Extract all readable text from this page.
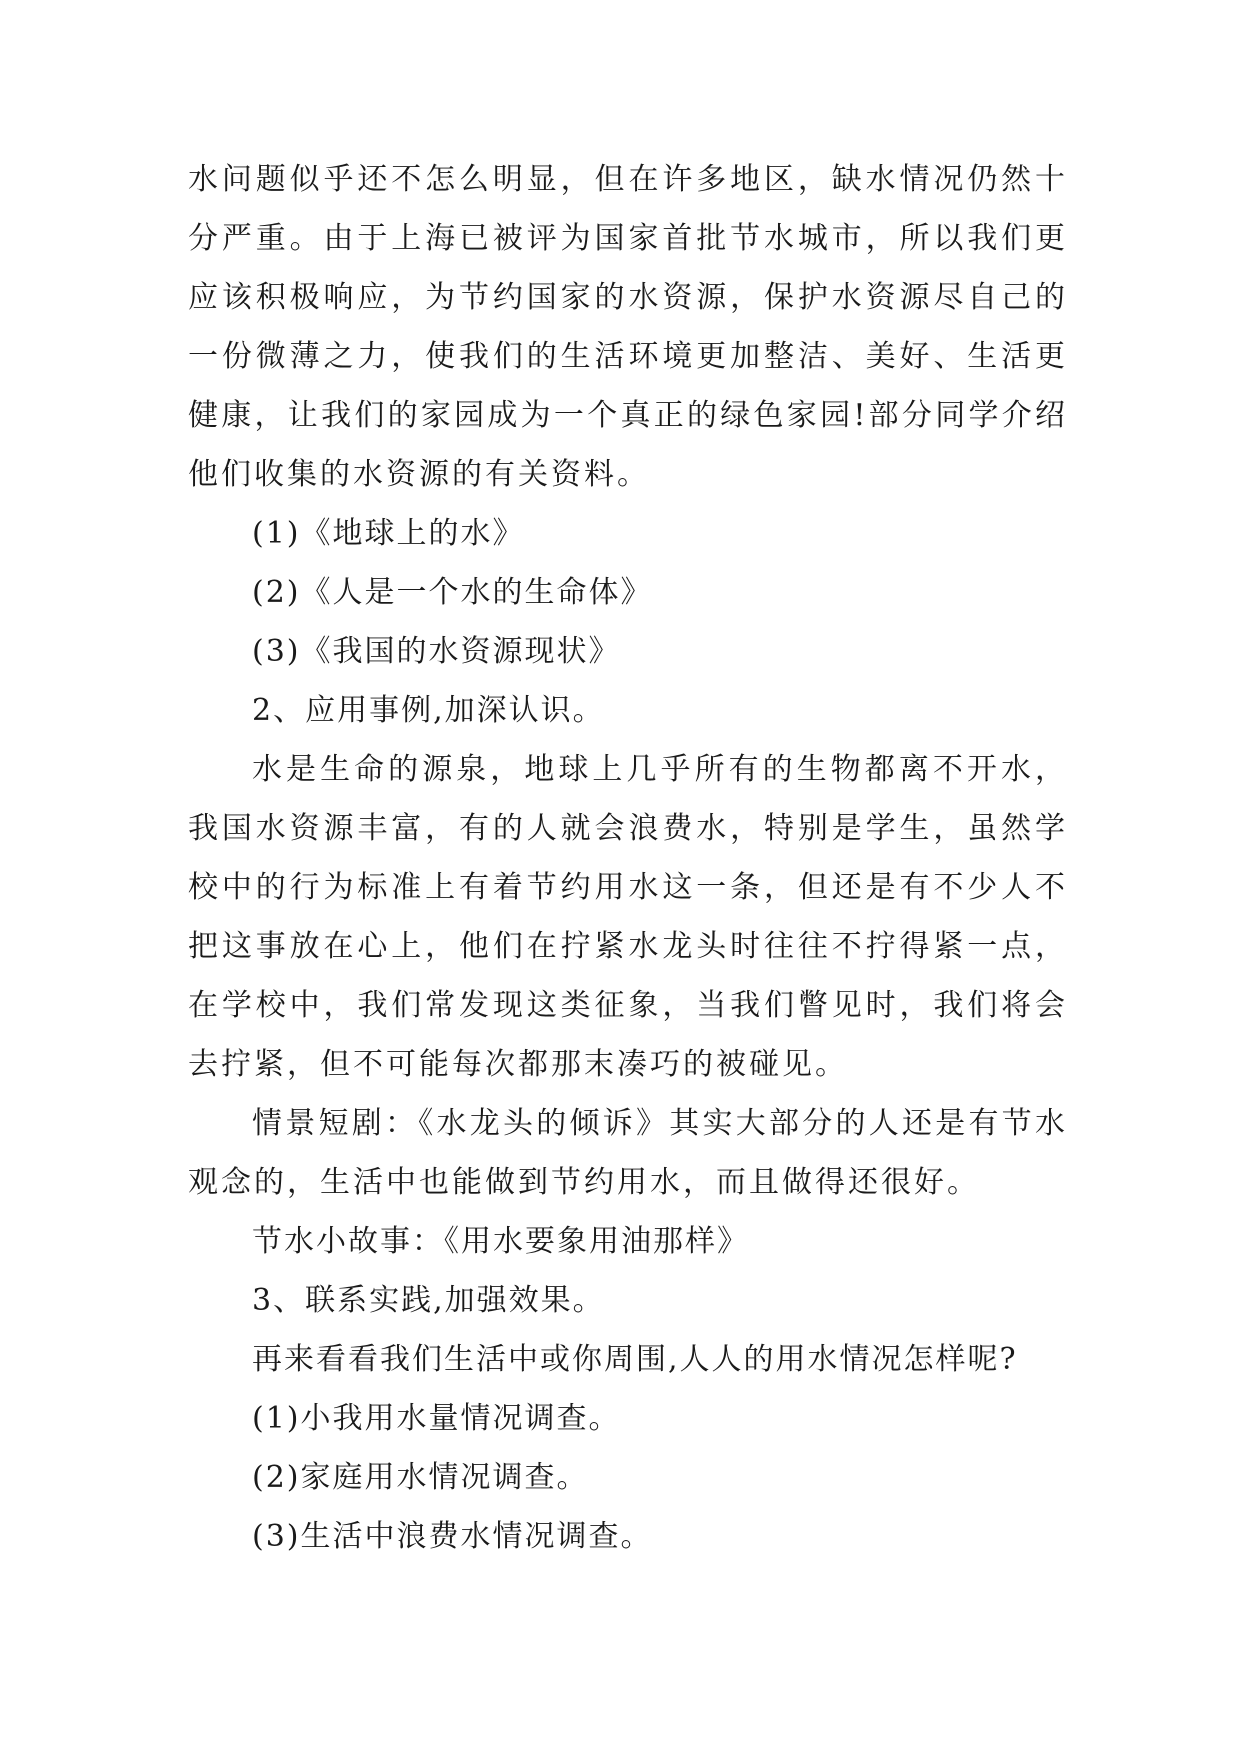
水问题似乎还不怎么明显，但在许多地区，缺水情况仍然十分严重。由于上海已被评为国家首批节水城市，所以我们更应该积极响应，为节约国家的水资源，保护水资源尽自己的一份微薄之力，使我们的生活环境更加整洁、美好、生活更健康，让我们的家园成为一个真正的绿色家园!部分同学介绍他们收集的水资源的有关资料。

(1)《地球上的水》

(2)《人是一个水的生命体》

(3)《我国的水资源现状》

2、应用事例,加深认识。

水是生命的源泉，地球上几乎所有的生物都离不开水，我国水资源丰富，有的人就会浪费水，特别是学生，虽然学校中的行为标准上有着节约用水这一条，但还是有不少人不把这事放在心上，他们在拧紧水龙头时往往不拧得紧一点，在学校中，我们常发现这类征象，当我们瞥见时，我们将会去拧紧，但不可能每次都那末凑巧的被碰见。

情景短剧：《水龙头的倾诉》其实大部分的人还是有节水观念的，生活中也能做到节约用水，而且做得还很好。

节水小故事：《用水要象用油那样》

3、联系实践,加强效果。

再来看看我们生活中或你周围,人人的用水情况怎样呢?

(1)小我用水量情况调查。

(2)家庭用水情况调查。

(3)生活中浪费水情况调查。
